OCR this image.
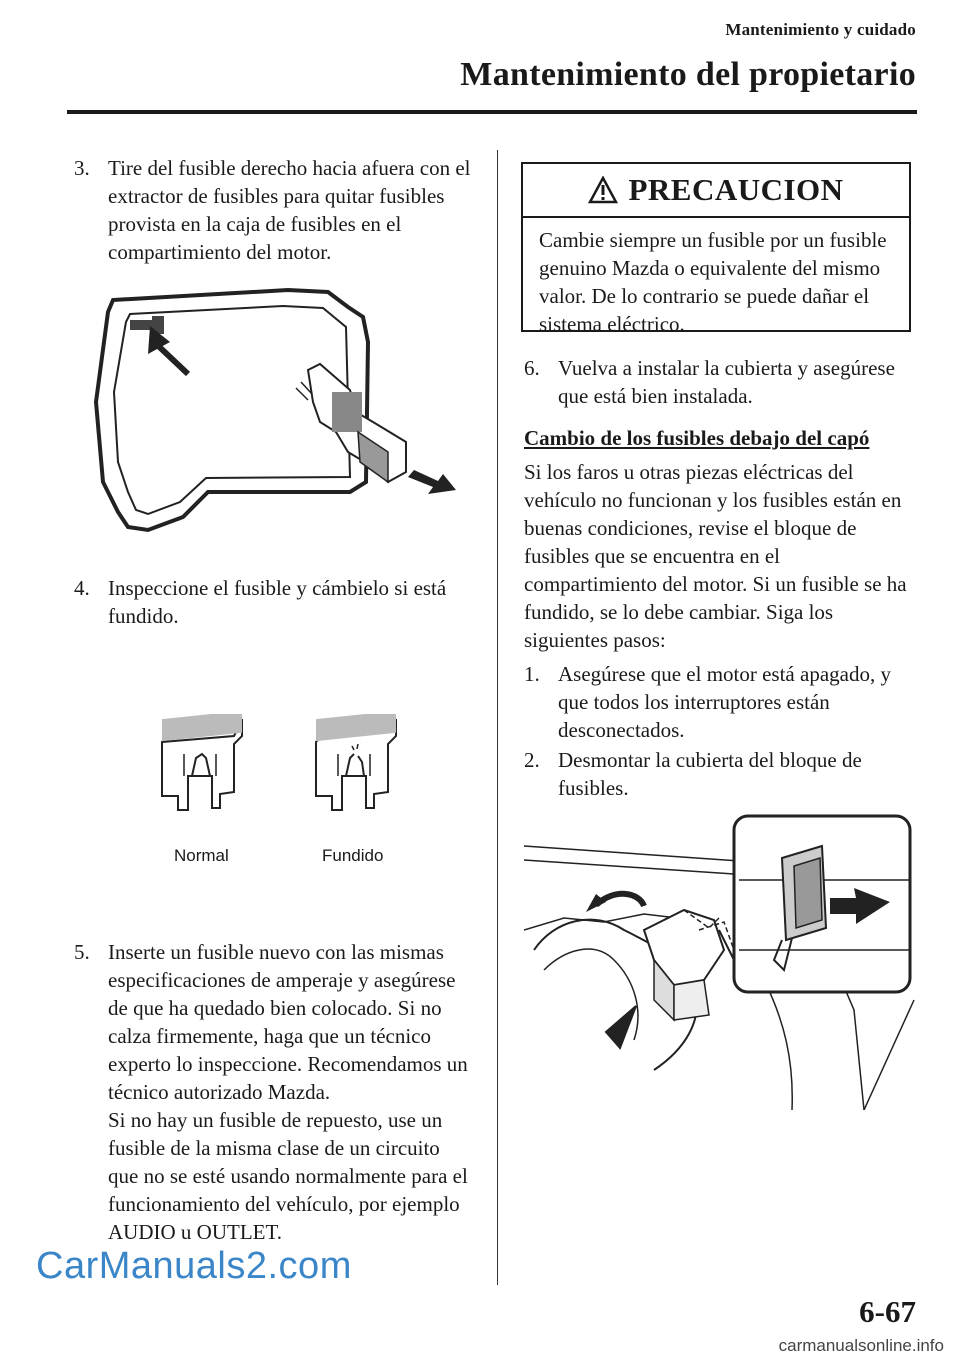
Mantenimiento y cuidado
Mantenimiento del propietario
3. Tire del fusible derecho hacia afuera con el extractor de fusibles para quitar fusibles provista en la caja de fusibles en el compartimiento del motor.
4. Inspeccione el fusible y cámbielo si está fundido.
Normal	Fundido
5. Inserte un fusible nuevo con las mismas especificaciones de amperaje y asegúrese de que ha quedado bien colocado. Si no calza firmemente, haga que un técnico experto lo inspeccione. Recomendamos un técnico autorizado Mazda.
Si no hay un fusible de repuesto, use un fusible de la misma clase de un circuito que no se esté usando normalmente para el funcionamiento del vehículo, por ejemplo AUDIO u OUTLET.
PRECAUCION
Cambie siempre un fusible por un fusible genuino Mazda o equivalente del mismo valor. De lo contrario se puede dañar el sistema eléctrico.
6. Vuelva a instalar la cubierta y asegúrese que está bien instalada.
Cambio de los fusibles debajo del capó
Si los faros u otras piezas eléctricas del vehículo no funcionan y los fusibles están en buenas condiciones, revise el bloque de fusibles que se encuentra en el compartimiento del motor. Si un fusible se ha fundido, se lo debe cambiar. Siga los siguientes pasos:
1. Asegúrese que el motor está apagado, y que todos los interruptores están desconectados.
2. Desmontar la cubierta del bloque de fusibles.
CarManuals2.com
6-67
carmanualsonline.info
